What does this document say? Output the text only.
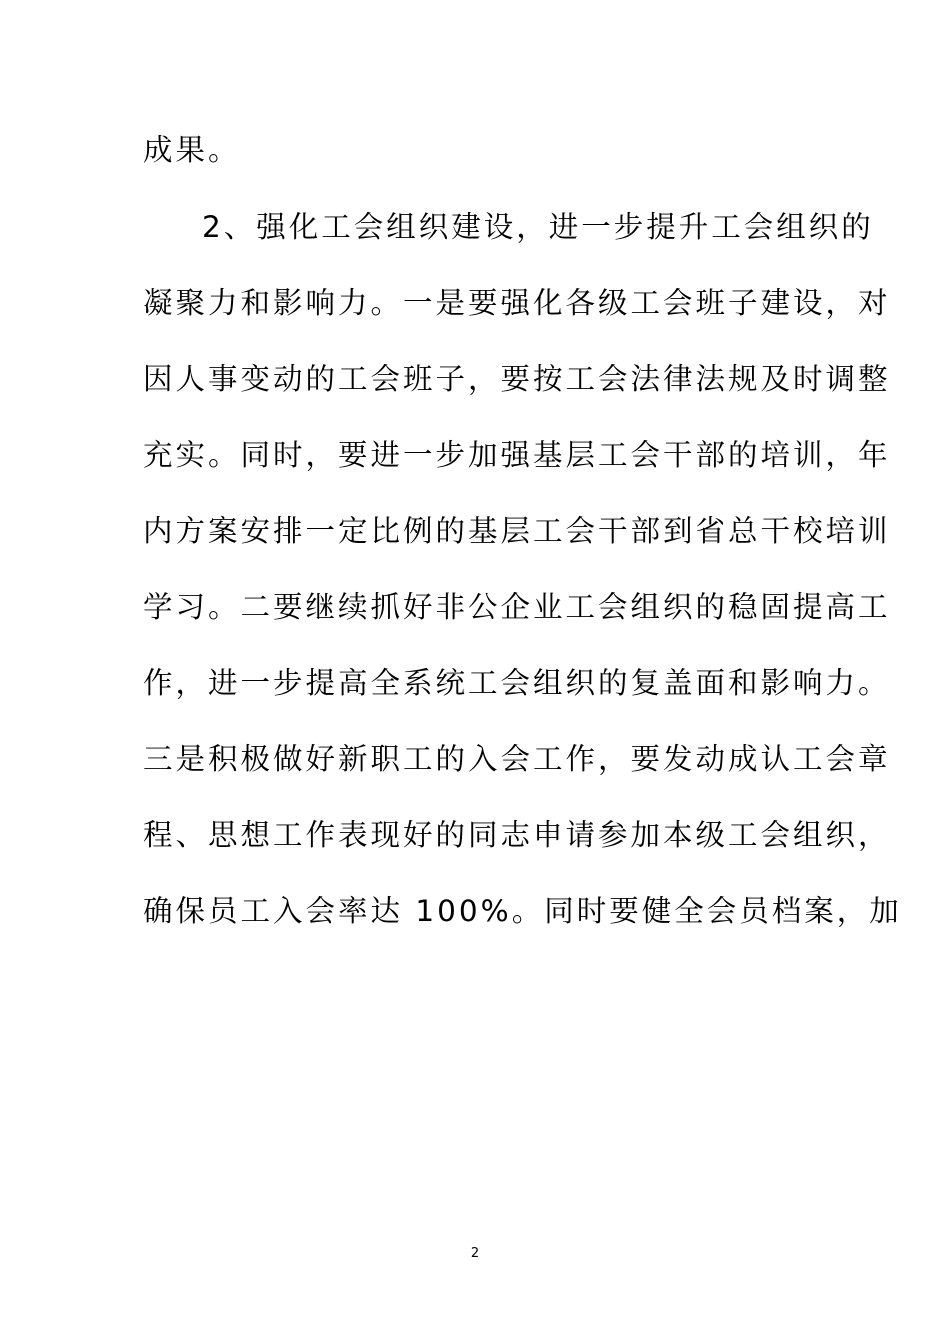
成果。
2、强化工会组织建设，进一步提升工会组织的
凝聚力和影响力。一是要强化各级工会班子建设，对
因人事变动的工会班子，要按工会法律法规及时调整
充实。同时，要进一步加强基层工会干部的培训，年
内方案安排一定比例的基层工会干部到省总干校培训
学习。二要继续抓好非公企业工会组织的稳固提高工
作，进一步提高全系统工会组织的复盖面和影响力。
三是积极做好新职工的入会工作，要发动成认工会章
程、思想工作表现好的同志申请参加本级工会组织，
确保员工入会率达 100%。同时要健全会员档案，加
2
